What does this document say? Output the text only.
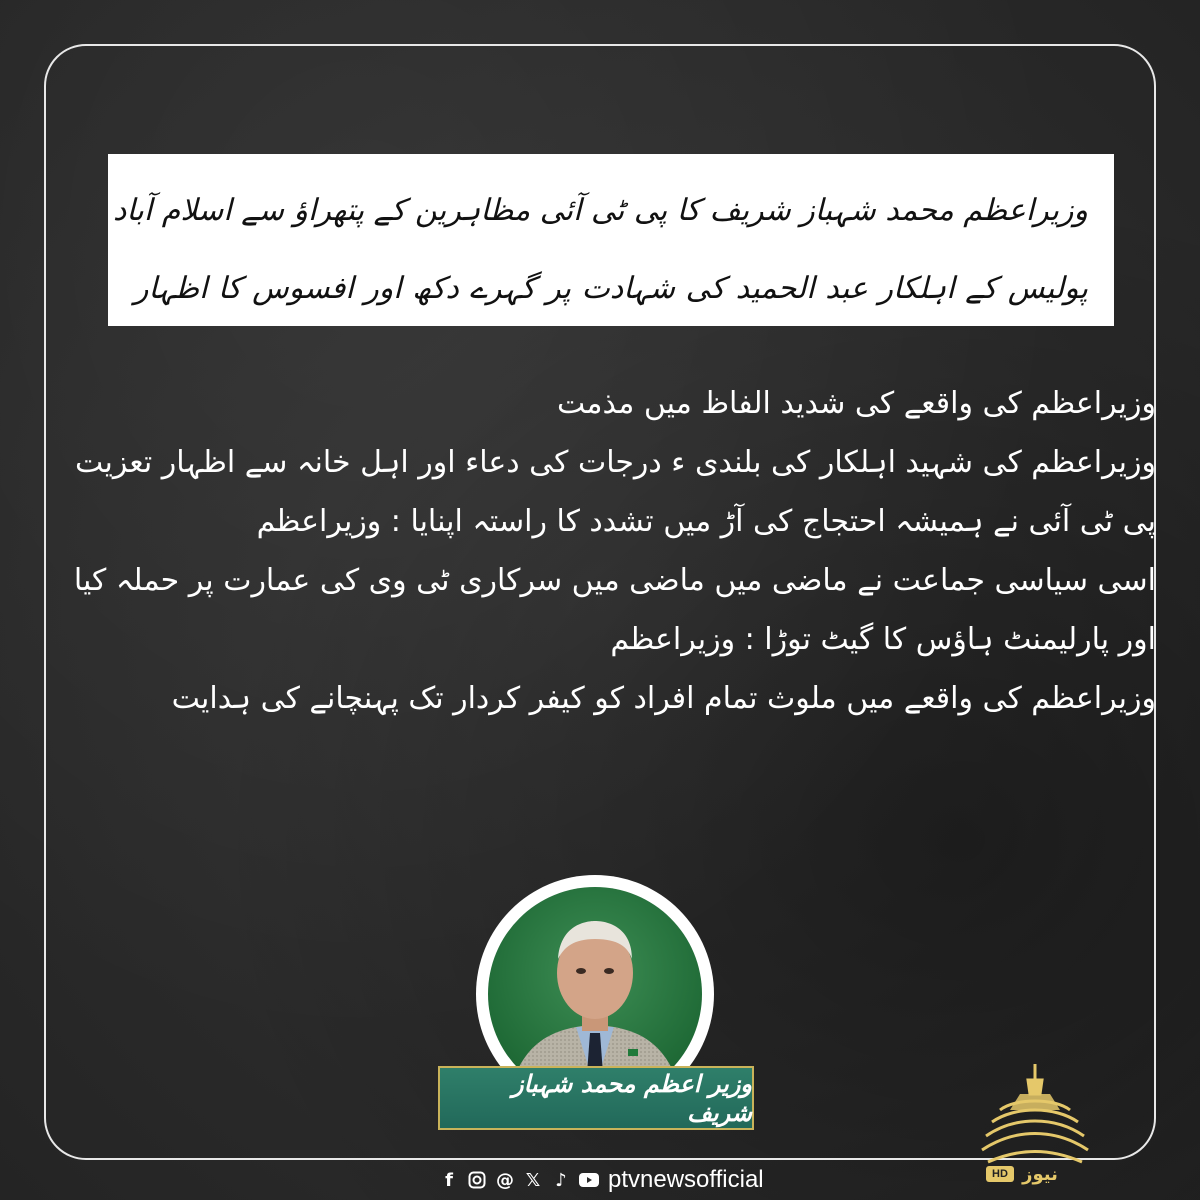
وزیراعظم محمد شہباز شریف کا پی ٹی آئی مظاہرین کے پتھراؤ سے اسلام آباد
پولیس کے اہلکار عبد الحمید کی شہادت پر گہرے دکھ اور افسوس کا اظہار
وزیراعظم کی واقعے کی شدید الفاظ میں مذمت
وزیراعظم کی شہید اہلکار کی بلندی ء درجات کی دعاء اور اہل خانہ سے اظہار تعزیت
پی ٹی آئی نے ہمیشہ احتجاج کی آڑ میں تشدد کا راستہ اپنایا : وزیراعظم
اسی سیاسی جماعت نے ماضی میں ماضی میں سرکاری ٹی وی کی عمارت پر حملہ کیا
اور پارلیمنٹ ہاؤس کا گیٹ توڑا : وزیراعظم
وزیراعظم کی واقعے میں ملوث تمام افراد کو کیفر کردار تک پہنچانے کی ہدایت
وزیر اعظم محمد شہباز شریف
f	@ 𝕏 ♪ ptvnewsofficial	HD نیوز
